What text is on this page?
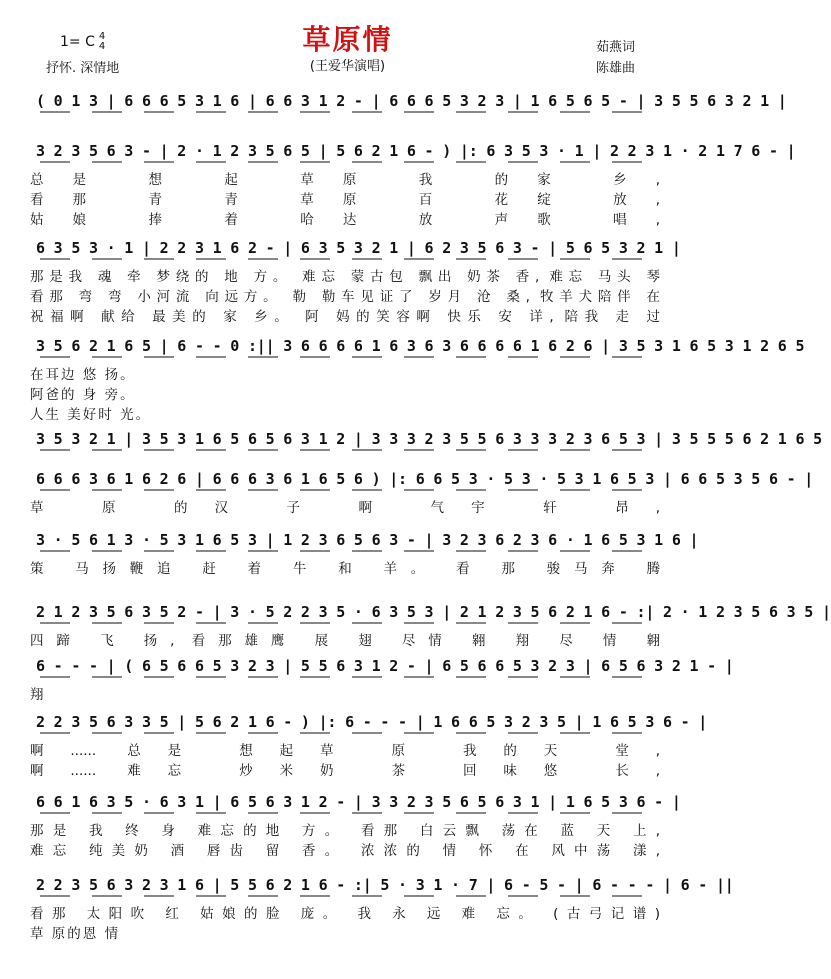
1= C 4
4	草原情
(王爱华演唱)
抒怀. 深情地
茹燕词
陈雄曲
( 0 1 3 | 6 6 6 5 3 1 6 | 6 6 3 1 2 - | 6 6 6 5 3 2 3 | 1 6 5 6 5 - | 3 5 5 6 3 2 1 |
3 2 3 5 6 3 - | 2 · 1 2 3 5 6 5 | 5 6 2 1 6 - ) |: 6 3 5 3 · 1 | 2 2 3 1 · 2 1 7 6 - |
总是 想 起 草原 我 的家 乡,
看那 青 青 草原 百 花绽 放,
姑娘 捧 着 哈达 放 声歌 唱,
6 3 5 3 · 1 | 2 2 3 1 6 2 - | 6 3 5 3 2 1 | 6 2 3 5 6 3 - | 5 6 5 3 2 1 |
那是我 魂 牵 梦绕的 地 方。 难忘 蒙古包 飘出 奶茶 香, 难忘 马头 琴
看那 弯 弯 小河流 向远方。 勒 勒车见证了 岁月 沧 桑, 牧羊犬陪伴 在
祝福啊 献给 最美的 家 乡。 阿 妈的笑容啊 快乐 安 详, 陪我 走 过
3 5 6 2 1 6 5 | 6 - - 0 :|| 3 6 6 6 6 1 6 3 6 3 6 6 6 6 1 6 2 6 | 3 5 3 1 6 5 3 1 2 6 5
在耳边 悠 扬。
阿爸的 身 旁。
人生 美好时 光。
3 5 3 2 1 | 3 5 3 1 6 5 6 5 6 3 1 2 | 3 3 3 2 3 5 5 6 3 3 3 2 3 6 5 3 | 3 5 5 5 6 2 1 6 5
6 6 6 3 6 1 6 2 6 | 6 6 6 3 6 1 6 5 6 ) |: 6 6 5 3 · 5 3 · 5 3 1 6 5 3 | 6 6 5 3 5 6 - |
草 原 的汉 子 啊 气宇 轩 昂,
3 · 5 6 1 3 · 5 3 1 6 5 3 | 1 2 3 6 5 6 3 - | 3 2 3 6 2 3 6 · 1 6 5 3 1 6 |
策 马扬鞭追 赶 着 牛 和 羊。 看 那 骏马奔 腾
2 1 2 3 5 6 3 5 2 - | 3 · 5 2 2 3 5 · 6 3 5 3 | 2 1 2 3 5 6 2 1 6 - :| 2 · 1 2 3 5 6 3 5 |
四蹄 飞 扬, 看那雄鹰 展 翅 尽情 翱 翔 尽 情 翱
6 - - - | ( 6 5 6 6 5 3 2 3 | 5 5 6 3 1 2 - | 6 5 6 6 5 3 2 3 | 6 5 6 3 2 1 - |
翔
2 2 3 5 6 3 3 5 | 5 6 2 1 6 - ) |: 6 - - - | 1 6 6 5 3 2 3 5 | 1 6 5 3 6 - |
啊...... 总是 想起草 原 我的天 堂,
啊...... 难忘 炒米奶 茶 回味悠 长,
6 6 1 6 3 5 · 6 3 1 | 6 5 6 3 1 2 - | 3 3 2 3 5 6 5 6 3 1 | 1 6 5 3 6 - |
那是 我 终 身 难忘的地 方。 看那 白云飘 荡在 蓝 天 上,
难忘 纯美奶 酒 唇齿 留 香。 浓浓的 情 怀 在 风中荡 漾,
2 2 3 5 6 3 2 3 1 6 | 5 5 6 2 1 6 - :| 5 · 3 1 · 7 | 6 - 5 - | 6 - - - | 6 - ||
看那 太阳吹 红 姑娘的脸 庞。 我 永 远 难 忘。 (古弓记谱)
草 原的恩 情
